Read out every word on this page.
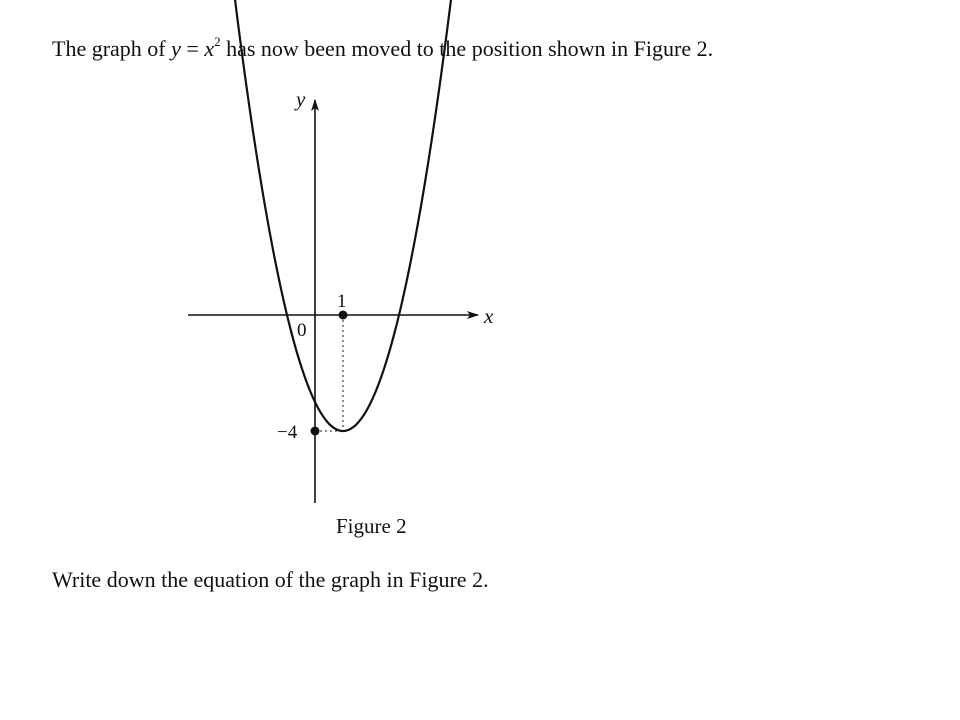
The graph of $y = x^2$ has now been moved to the position shown in Figure 2.

y
x
0
1
−4

Figure 2

Write down the equation of the graph in Figure 2.
